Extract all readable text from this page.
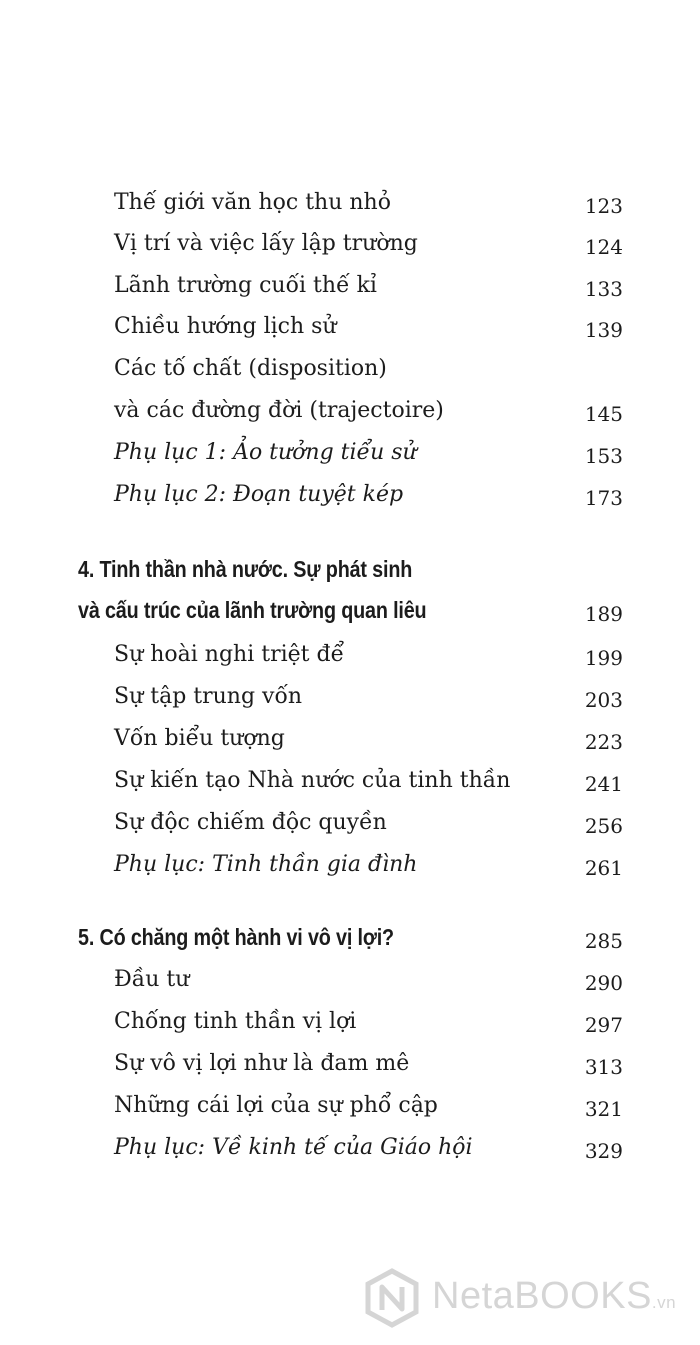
Thế giới văn học thu nhỏ	123
Vị trí và việc lấy lập trường	124
Lãnh trường cuối thế kỉ	133
Chiều hướng lịch sử	139
Các tố chất (disposition)
và các đường đời (trajectoire)	145
Phụ lục 1: Ảo tưởng tiểu sử	153
Phụ lục 2: Đoạn tuyệt kép	173
4. Tinh thần nhà nước. Sự phát sinh
và cấu trúc của lãnh trường quan liêu	189
Sự hoài nghi triệt để	199
Sự tập trung vốn	203
Vốn biểu tượng	223
Sự kiến tạo Nhà nước của tinh thần	241
Sự độc chiếm độc quyền	256
Phụ lục: Tinh thần gia đình	261
5. Có chăng một hành vi vô vị lợi?	285
Đầu tư	290
Chống tinh thần vị lợi	297
Sự vô vị lợi như là đam mê	313
Những cái lợi của sự phổ cập	321
Phụ lục: Về kinh tế của Giáo hội	329
NetaBOOKS.vn
